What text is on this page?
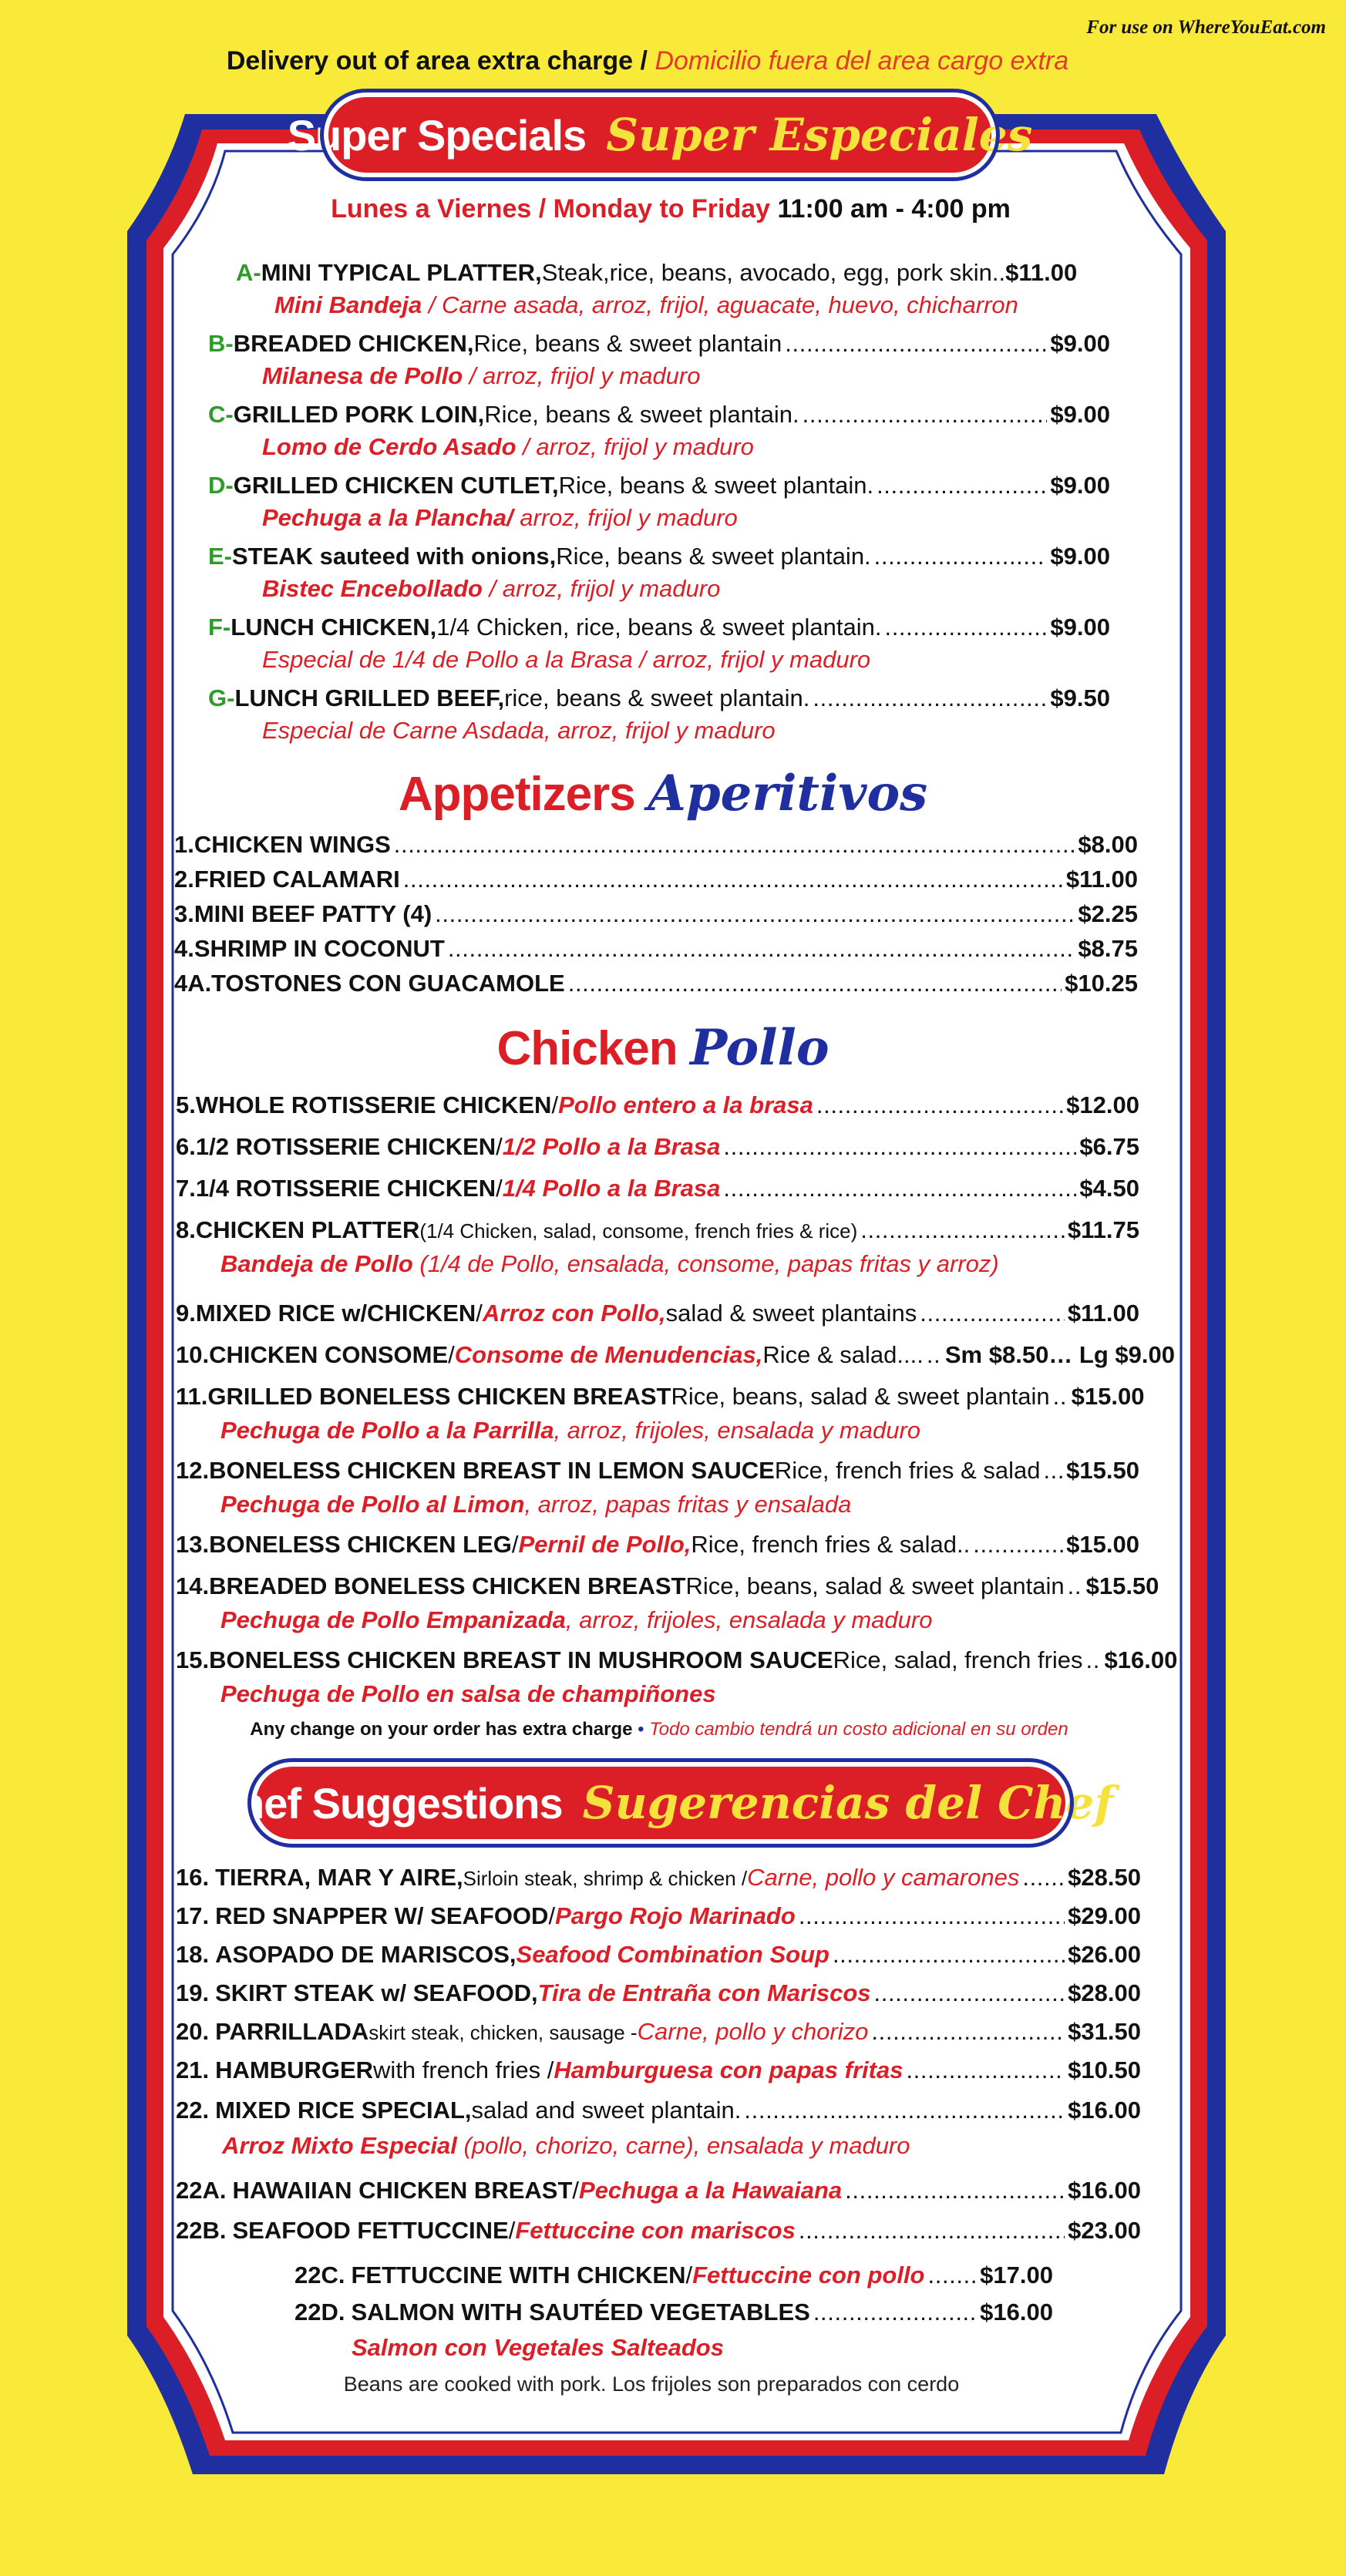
For use on WhereYouEat.com
Delivery out of area extra charge / Domicilio fuera del area cargo extra
Super Specials Super Especiales
Lunes a Viernes / Monday to Friday 11:00 am - 4:00 pm
A- MINI TYPICAL PLATTER, Steak,rice, beans, avocado, egg, pork skin.. $11.00
Mini Bandeja / Carne asada, arroz, frijol, aguacate, huevo, chicharron
B- BREADED CHICKEN, Rice, beans & sweet plantain . . .	$9.00
Milanesa de Pollo / arroz, frijol y maduro
C- GRILLED PORK LOIN, Rice, beans & sweet plantain. . . .	$9.00
Lomo de Cerdo Asado / arroz, frijol y maduro
D- GRILLED CHICKEN CUTLET, Rice, beans & sweet plantain. . . .	$9.00
Pechuga a la Plancha/ arroz, frijol y maduro
E- STEAK sauteed with onions, Rice, beans & sweet plantain. . . .	$9.00
Bistec Encebollado / arroz, frijol y maduro
F- LUNCH CHICKEN, 1/4 Chicken, rice, beans & sweet plantain. . . .	$9.00
Especial de 1/4 de Pollo a la Brasa / arroz, frijol y maduro
G- LUNCH GRILLED BEEF, rice, beans & sweet plantain. . . .	$9.50
Especial de Carne Asdada, arroz, frijol y maduro
Appetizers Aperitivos
1. CHICKEN WINGS . . .	$8.00
2. FRIED CALAMARI . . .	$11.00
3. MINI BEEF PATTY (4) . . .	$2.25
4. SHRIMP IN COCONUT . . .	$8.75
4A. TOSTONES CON GUACAMOLE . . .	$10.25
Chicken Pollo
5. WHOLE ROTISSERIE CHICKEN / Pollo entero a la brasa . . .	$12.00
6. 1/2 ROTISSERIE CHICKEN / 1/2 Pollo a la Brasa . . .	$6.75
7. 1/4 ROTISSERIE CHICKEN / 1/4 Pollo a la Brasa . . .	$4.50
8. CHICKEN PLATTER (1/4 Chicken, salad, consome, french fries & rice) . . .	$11.75
Bandeja de Pollo (1/4 de Pollo, ensalada, consome, papas fritas y arroz)
9. MIXED RICE w/CHICKEN / Arroz con Pollo, salad & sweet plantains . . .	$11.00
10. CHICKEN CONSOME / Consome de Menudencias, Rice & salad.... . . . Sm $8.50… Lg $9.00
11. GRILLED BONELESS CHICKEN BREAST Rice, beans, salad & sweet plantain . . . $15.00
Pechuga de Pollo a la Parrilla, arroz, frijoles, ensalada y maduro
12. BONELESS CHICKEN BREAST IN LEMON SAUCE Rice, french fries & salad . . . $15.50
Pechuga de Pollo al Limon, arroz, papas fritas y ensalada
13. BONELESS CHICKEN LEG / Pernil de Pollo, Rice, french fries & salad.. . . .	$15.00
14. BREADED BONELESS CHICKEN BREAST Rice, beans, salad & sweet plantain . . . $15.50
Pechuga de Pollo Empanizada, arroz, frijoles, ensalada y maduro
15. BONELESS CHICKEN BREAST IN MUSHROOM SAUCE Rice, salad, french fries . . . $16.00
Pechuga de Pollo en salsa de champiñones
Any change on your order has extra charge • Todo cambio tendrá un costo adicional en su orden
Chef Suggestions Sugerencias del Chef
16. TIERRA, MAR Y AIRE, Sirloin steak, shrimp & chicken / Carne, pollo y camarones . . . $28.50
17. RED SNAPPER W/ SEAFOOD / Pargo Rojo Marinado . . .	$29.00
18. ASOPADO DE MARISCOS, Seafood Combination Soup . . .	$26.00
19. SKIRT STEAK w/ SEAFOOD, Tira de Entraña con Mariscos . . .	$28.00
20. PARRILLADA skirt steak, chicken, sausage - Carne, pollo y chorizo . . .	$31.50
21. HAMBURGER with french fries / Hamburguesa con papas fritas . . .	$10.50
22. MIXED RICE SPECIAL, salad and sweet plantain. . . .	$16.00
Arroz Mixto Especial (pollo, chorizo, carne), ensalada y maduro
22A. HAWAIIAN CHICKEN BREAST / Pechuga a la Hawaiana . . .	$16.00
22B. SEAFOOD FETTUCCINE / Fettuccine con mariscos . . .	$23.00
22C. FETTUCCINE WITH CHICKEN / Fettuccine con pollo . . . $17.00
22D. SALMON WITH SAUTÉED VEGETABLES . . .	$16.00
Salmon con Vegetales Salteados
Beans are cooked with pork. Los frijoles son preparados con cerdo
